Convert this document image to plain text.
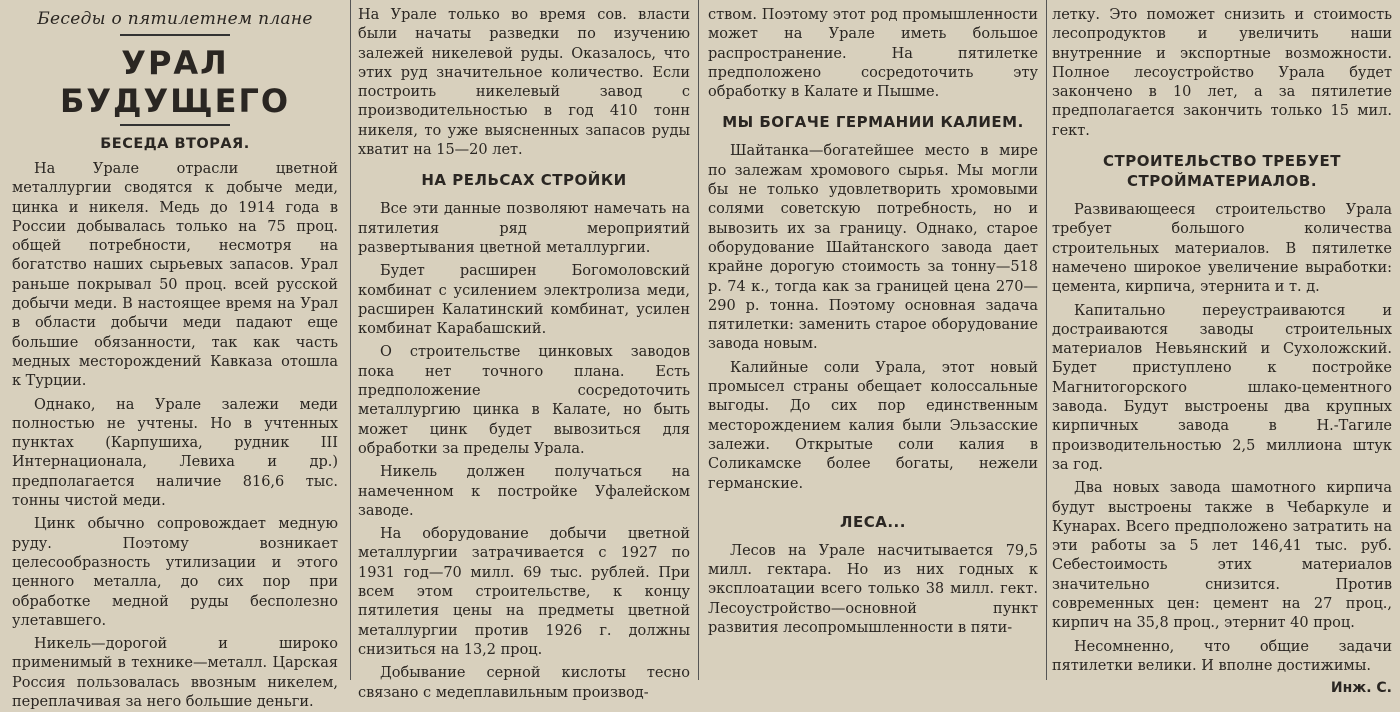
Беседы о пятилетнем плане
УРАЛ БУДУЩЕГО
БЕСЕДА ВТОРАЯ.

На Урале отрасли цветной металлургии сводятся к добыче меди, цинка и никеля. Медь до 1914 года в России добывалась только на 75 проц. общей потребности, несмотря на богатство наших сырьевых запасов. Урал раньше покрывал 50 проц. всей русской добычи меди. В настоящее время на Урал в области добычи меди падают еще большие обязанности, так как часть медных месторождений Кавказа отошла к Турции.

Однако, на Урале залежи меди полностью не учтены. Но в учтенных пунктах (Карпушиха, рудник III Интернационала, Левиха и др.) предполагается наличие 816,6 тыс. тонны чистой меди.

Цинк обычно сопровождает медную руду. Поэтому возникает целесообразность утилизации и этого ценного металла, до сих пор при обработке медной руды бесполезно улетавшего.

Никель—дорогой и широко применимый в технике—металл. Царская Россия пользовалась ввозным никелем, переплачивая за него большие деньги.

На Урале только во время сов. власти были начаты разведки по изучению залежей никелевой руды. Оказалось, что этих руд значительное количество. Если построить никелевый завод с производительностью в год 410 тонн никеля, то уже выясненных запасов руды хватит на 15—20 лет.

НА РЕЛЬСАХ СТРОЙКИ

Все эти данные позволяют намечать на пятилетия ряд мероприятий развертывания цветной металлургии.

Будет расширен Богомоловский комбинат с усилением электролиза меди, расширен Калатинский комбинат, усилен комбинат Карабашский.

О строительстве цинковых заводов пока нет точного плана. Есть предположение сосредоточить металлургию цинка в Калате, но быть может цинк будет вывозиться для обработки за пределы Урала.

Никель должен получаться на намеченном к постройке Уфалейском заводе.

На оборудование добычи цветной металлургии затрачивается с 1927 по 1931 год—70 милл. 69 тыс. рублей. При всем этом строительстве, к концу пятилетия цены на предметы цветной металлургии против 1926 г. должны снизиться на 13,2 проц.

Добывание серной кислоты тесно связано с медеплавильным производ-

ством. Поэтому этот род промышленности может на Урале иметь большое распространение. На пятилетке предположено сосредоточить эту обработку в Калате и Пышме.

МЫ БОГАЧЕ ГЕРМАНИИ КАЛИЕМ.

Шайтанка—богатейшее место в мире по залежам хромового сырья. Мы могли бы не только удовлетворить хромовыми солями советскую потребность, но и вывозить их за границу. Однако, старое оборудование Шайтанского завода дает крайне дорогую стоимость за тонну—518 р. 74 к., тогда как за границей цена 270—290 р. тонна. Поэтому основная задача пятилетки: заменить старое оборудование завода новым.

Калийные соли Урала, этот новый промысел страны обещает колоссальные выгоды. До сих пор единственным месторождением калия были Эльзасские залежи. Открытые соли калия в Соликамске более богаты, нежели германские.

ЛЕСА...

Лесов на Урале насчитывается 79,5 милл. гектара. Но из них годных к эксплоатации всего только 38 милл. гект. Лесоустройство—основной пункт развития лесопромышленности в пяти-

летку. Это поможет снизить и стоимость лесопродуктов и увеличить наши внутренние и экспортные возможности. Полное лесоустройство Урала будет закончено в 10 лет, а за пятилетие предполагается закончить только 15 мил. гект.

СТРОИТЕЛЬСТВО ТРЕБУЕТ СТРОЙМАТЕРИАЛОВ.

Развивающееся строительство Урала требует большого количества строительных материалов. В пятилетке намечено широкое увеличение выработки: цемента, кирпича, этернита и т. д.

Капитально переустраиваются и достраиваются заводы строительных материалов Невьянский и Сухоложский. Будет приступлено к постройке Магнитогорского шлако-цементного завода. Будут выстроены два крупных кирпичных завода в Н.-Тагиле производительностью 2,5 миллиона штук за год.

Два новых завода шамотного кирпича будут выстроены также в Чебаркуле и Кунарах. Всего предположено затратить на эти работы за 5 лет 146,41 тыс. руб. Себестоимость этих материалов значительно снизится. Против современных цен: цемент на 27 проц., кирпич на 35,8 проц., этернит 40 проц.

Несомненно, что общие задачи пятилетки велики. И вполне достижимы.

Инж. С.
